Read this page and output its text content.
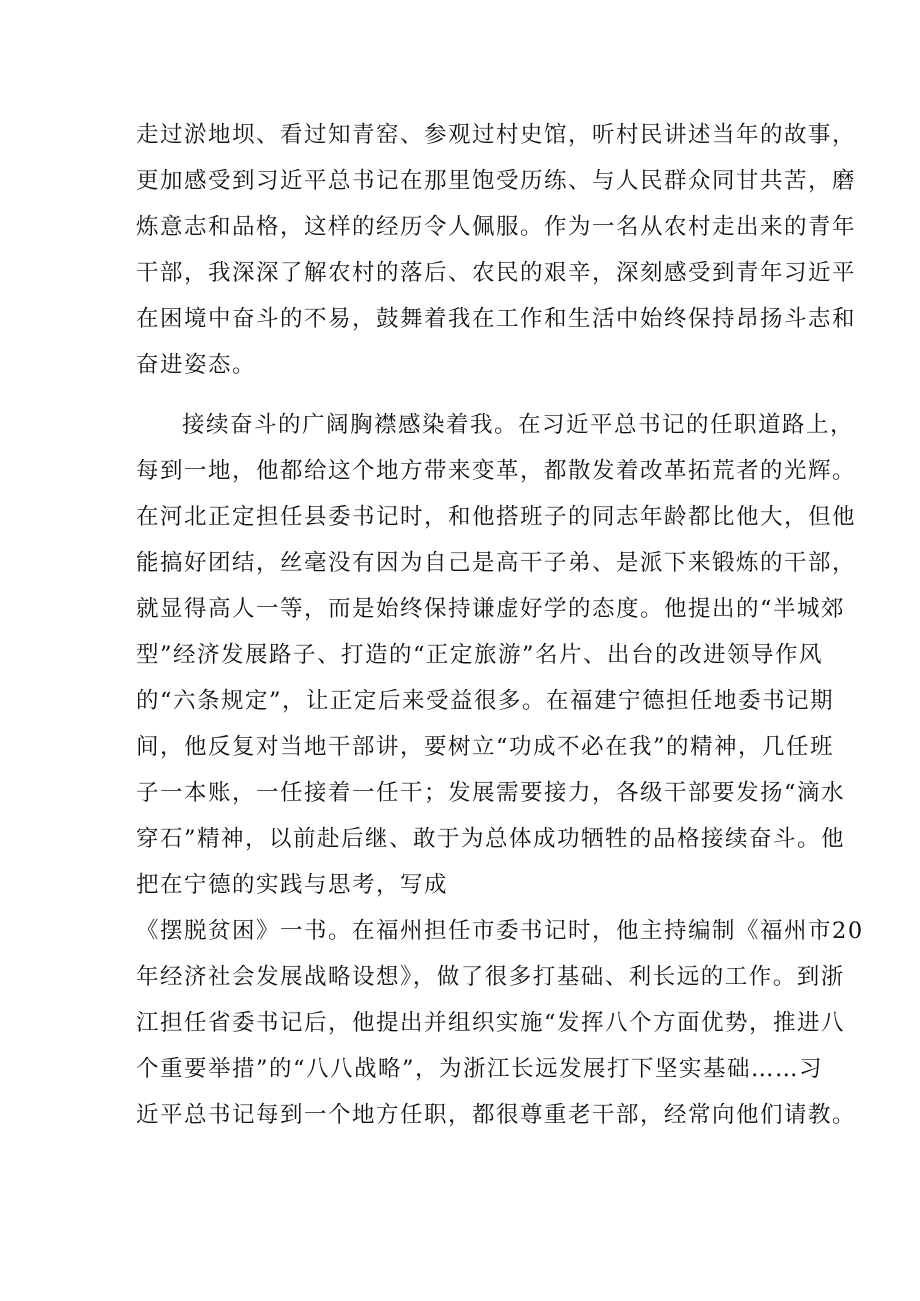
走过淤地坝、看过知青窑、参观过村史馆，听村民讲述当年的故事，
更加感受到习近平总书记在那里饱受历练、与人民群众同甘共苦，磨
炼意志和品格，这样的经历令人佩服。作为一名从农村走出来的青年
干部，我深深了解农村的落后、农民的艰辛，深刻感受到青年习近平
在困境中奋斗的不易，鼓舞着我在工作和生活中始终保持昂扬斗志和
奋进姿态。
接续奋斗的广阔胸襟感染着我。在习近平总书记的任职道路上，
每到一地，他都给这个地方带来变革，都散发着改革拓荒者的光辉。
在河北正定担任县委书记时，和他搭班子的同志年龄都比他大，但他
能搞好团结，丝毫没有因为自己是高干子弟、是派下来锻炼的干部，
就显得高人一等，而是始终保持谦虚好学的态度。他提出的“半城郊
型”经济发展路子、打造的“正定旅游”名片、出台的改进领导作风
的“六条规定”，让正定后来受益很多。在福建宁德担任地委书记期
间，他反复对当地干部讲，要树立“功成不必在我”的精神，几任班
子一本账，一任接着一任干；发展需要接力，各级干部要发扬“滴水
穿石”精神，以前赴后继、敢于为总体成功牺牲的品格接续奋斗。他
把在宁德的实践与思考，写成
《摆脱贫困》一书。在福州担任市委书记时，他主持编制《福州市20
年经济社会发展战略设想》，做了很多打基础、利长远的工作。到浙
江担任省委书记后，他提出并组织实施“发挥八个方面优势，推进八
个重要举措”的“八八战略”，为浙江长远发展打下坚实基础……习
近平总书记每到一个地方任职，都很尊重老干部，经常向他们请教。
